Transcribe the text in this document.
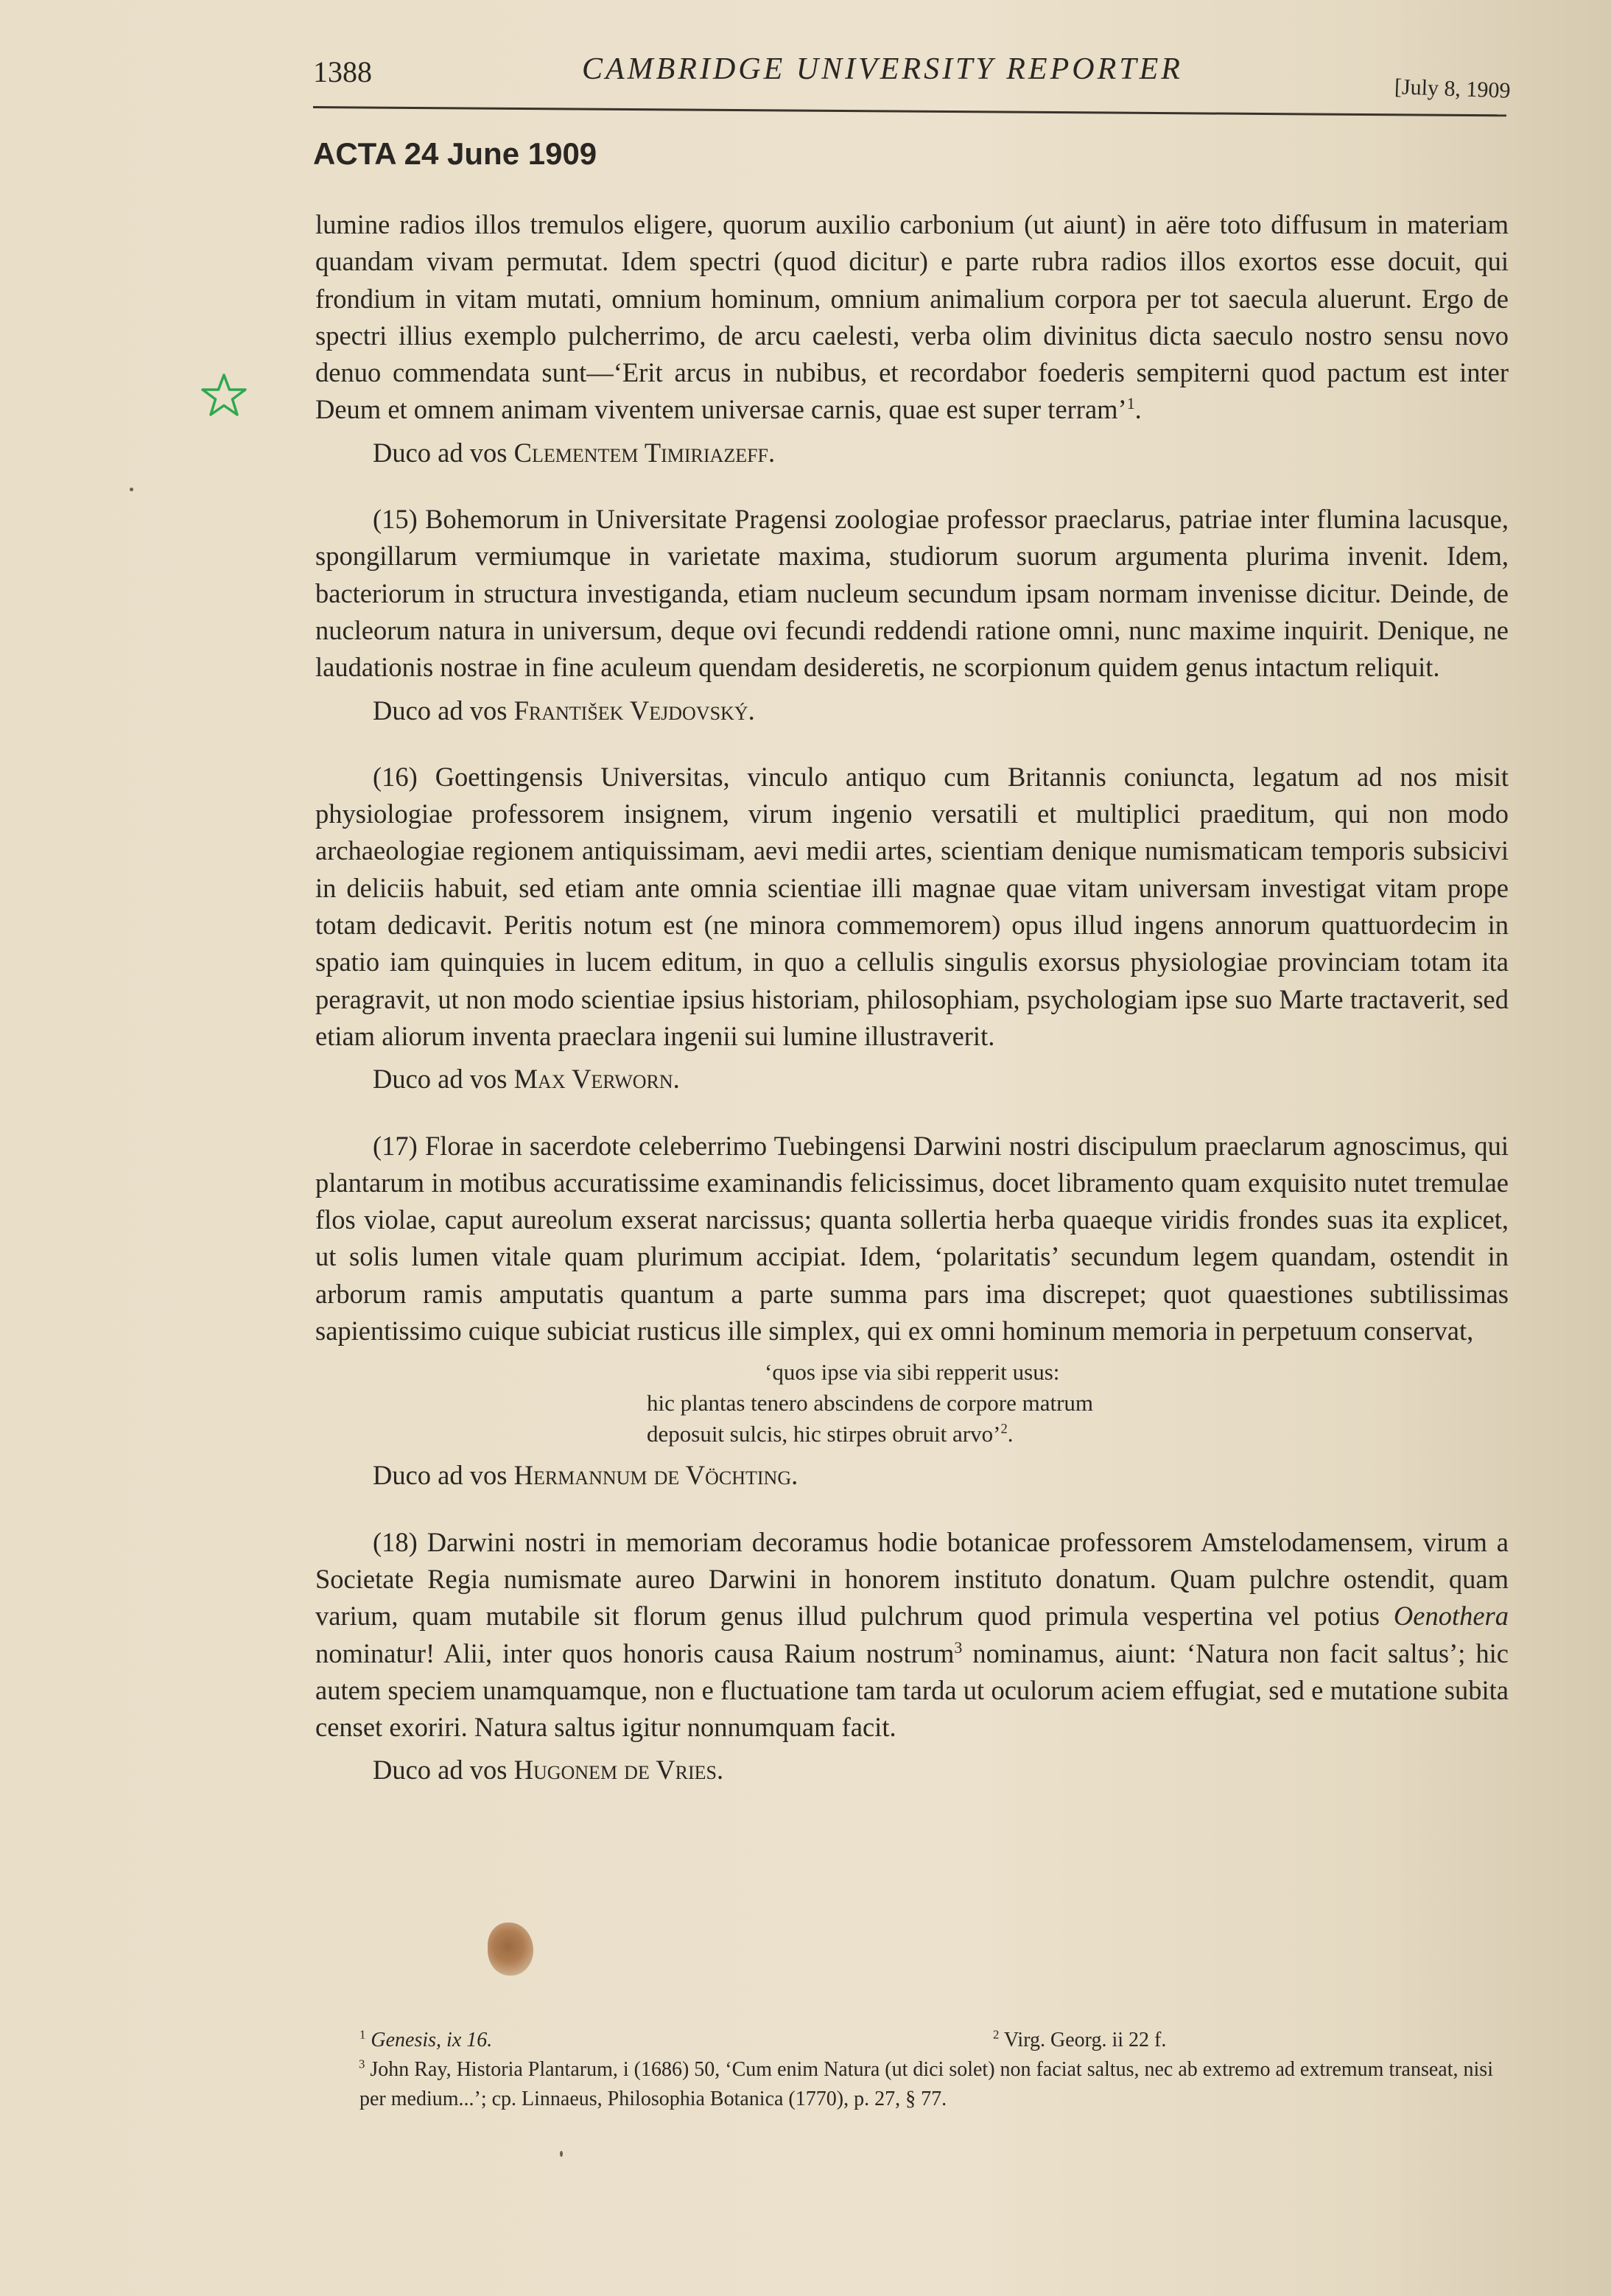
1388	CAMBRIDGE UNIVERSITY REPORTER
[July 8, 1909
ACTA 24 June 1909

lumine radios illos tremulos eligere, quorum auxilio carbonium (ut aiunt) in aëre toto diffusum in materiam quandam vivam permutat. Idem spectri (quod dicitur) e parte rubra radios illos exortos esse docuit, qui frondium in vitam mutati, omnium hominum, omnium animalium corpora per tot saecula aluerunt. Ergo de spectri illius exemplo pulcherrimo, de arcu caelesti, verba olim divinitus dicta saeculo nostro sensu novo denuo commendata sunt—‘Erit arcus in nubibus, et recordabor foederis sempiterni quod pactum est inter Deum et omnem animam viventem universae carnis, quae est super terram’$^1$.

Duco ad vos Clementem Timiriazeff.

(15) Bohemorum in Universitate Pragensi zoologiae professor praeclarus, patriae inter flumina lacusque, spongillarum vermiumque in varietate maxima, studiorum suorum argumenta plurima invenit. Idem, bacteriorum in structura investiganda, etiam nucleum secundum ipsam normam invenisse dicitur. Deinde, de nucleorum natura in universum, deque ovi fecundi reddendi ratione omni, nunc maxime inquirit. Denique, ne laudationis nostrae in fine aculeum quendam desideretis, ne scorpionum quidem genus intactum reliquit.

Duco ad vos František Vejdovský.

(16) Goettingensis Universitas, vinculo antiquo cum Britannis coniuncta, legatum ad nos misit physiologiae professorem insignem, virum ingenio versatili et multiplici praeditum, qui non modo archaeologiae regionem antiquissimam, aevi medii artes, scientiam denique numismaticam temporis subsicivi in deliciis habuit, sed etiam ante omnia scientiae illi magnae quae vitam universam investigat vitam prope totam dedicavit. Peritis notum est (ne minora commemorem) opus illud ingens annorum quattuordecim in spatio iam quinquies in lucem editum, in quo a cellulis singulis exorsus physiologiae provinciam totam ita peragravit, ut non modo scientiae ipsius historiam, philosophiam, psychologiam ipse suo Marte tractaverit, sed etiam aliorum inventa praeclara ingenii sui lumine illustraverit.

Duco ad vos Max Verworn.

(17) Florae in sacerdote celeberrimo Tuebingensi Darwini nostri discipulum praeclarum agnoscimus, qui plantarum in motibus accuratissime examinandis felicissimus, docet libramento quam exquisito nutet tremulae flos violae, caput aureolum exserat narcissus; quanta sollertia herba quaeque viridis frondes suas ita explicet, ut solis lumen vitale quam plurimum accipiat. Idem, ‘polaritatis’ secundum legem quandam, ostendit in arborum ramis amputatis quantum a parte summa pars ima discrepet; quot quaestiones subtilissimas sapientissimo cuique subiciat rusticus ille simplex, qui ex omni hominum memoria in perpetuum conservat,

‘quos ipse via sibi repperit usus:
hic plantas tenero abscindens de corpore matrum
deposuit sulcis, hic stirpes obruit arvo’$^2$.

Duco ad vos Hermannum de Vöchting.

(18) Darwini nostri in memoriam decoramus hodie botanicae professorem Amstelodamensem, virum a Societate Regia numismate aureo Darwini in honorem instituto donatum. Quam pulchre ostendit, quam varium, quam mutabile sit florum genus illud pulchrum quod primula vespertina vel potius Oenothera nominatur! Alii, inter quos honoris causa Raium nostrum$^3$ nominamus, aiunt: ‘Natura non facit saltus’; hic autem speciem unamquamque, non e fluctuatione tam tarda ut oculorum aciem effugiat, sed e mutatione subita censet exoriri. Natura saltus igitur nonnumquam facit.

Duco ad vos Hugonem de Vries.

$^1$ Genesis, ix 16.	$^2$ Virg. Georg. ii 22 f.
$^3$ John Ray, Historia Plantarum, i (1686) 50, ‘Cum enim Natura (ut dici solet) non faciat saltus, nec ab extremo ad extremum transeat, nisi per medium...’; cp. Linnaeus, Philosophia Botanica (1770), p. 27, § 77.
